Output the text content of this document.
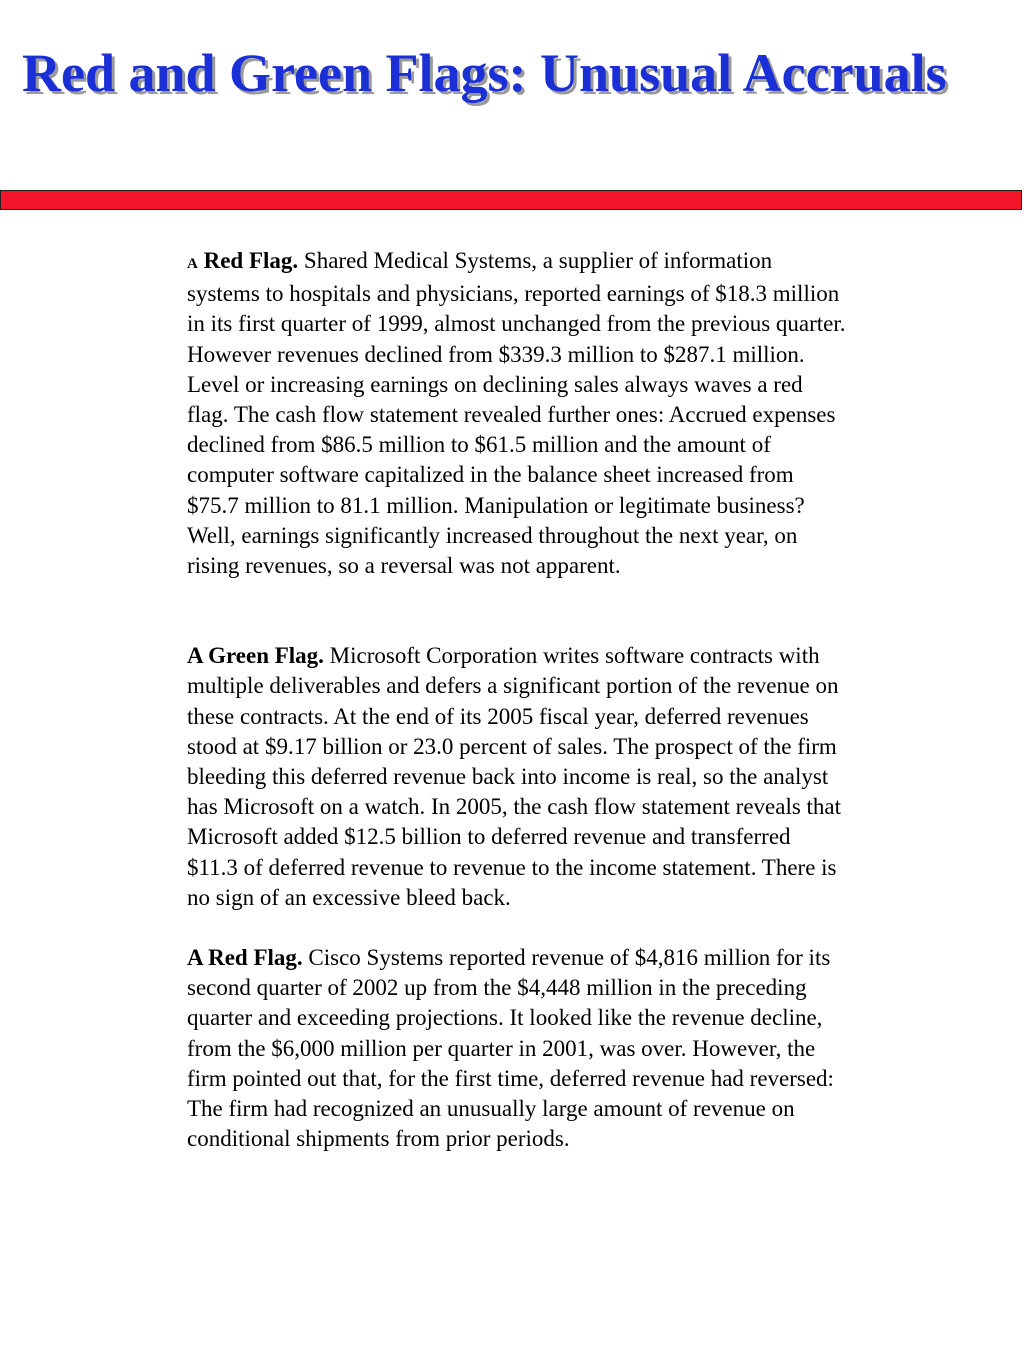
Red and Green Flags: Unusual Accruals

A Red Flag. Shared Medical Systems, a supplier of information systems to hospitals and physicians, reported earnings of $18.3 million in its first quarter of 1999, almost unchanged from the previous quarter. However revenues declined from $339.3 million to $287.1 million. Level or increasing earnings on declining sales always waves a red flag. The cash flow statement revealed further ones: Accrued expenses declined from $86.5 million to $61.5 million and the amount of computer software capitalized in the balance sheet increased from $75.7 million to 81.1 million. Manipulation or legitimate business? Well, earnings significantly increased throughout the next year, on rising revenues, so a reversal was not apparent.

A Green Flag. Microsoft Corporation writes software contracts with multiple deliverables and defers a significant portion of the revenue on these contracts. At the end of its 2005 fiscal year, deferred revenues stood at $9.17 billion or 23.0 percent of sales. The prospect of the firm bleeding this deferred revenue back into income is real, so the analyst has Microsoft on a watch. In 2005, the cash flow statement reveals that Microsoft added $12.5 billion to deferred revenue and transferred $11.3 of deferred revenue to revenue to the income statement. There is no sign of an excessive bleed back.

A Red Flag. Cisco Systems reported revenue of $4,816 million for its second quarter of 2002 up from the $4,448 million in the preceding quarter and exceeding projections. It looked like the revenue decline, from the $6,000 million per quarter in 2001, was over. However, the firm pointed out that, for the first time, deferred revenue had reversed: The firm had recognized an unusually large amount of revenue on conditional shipments from prior periods.
